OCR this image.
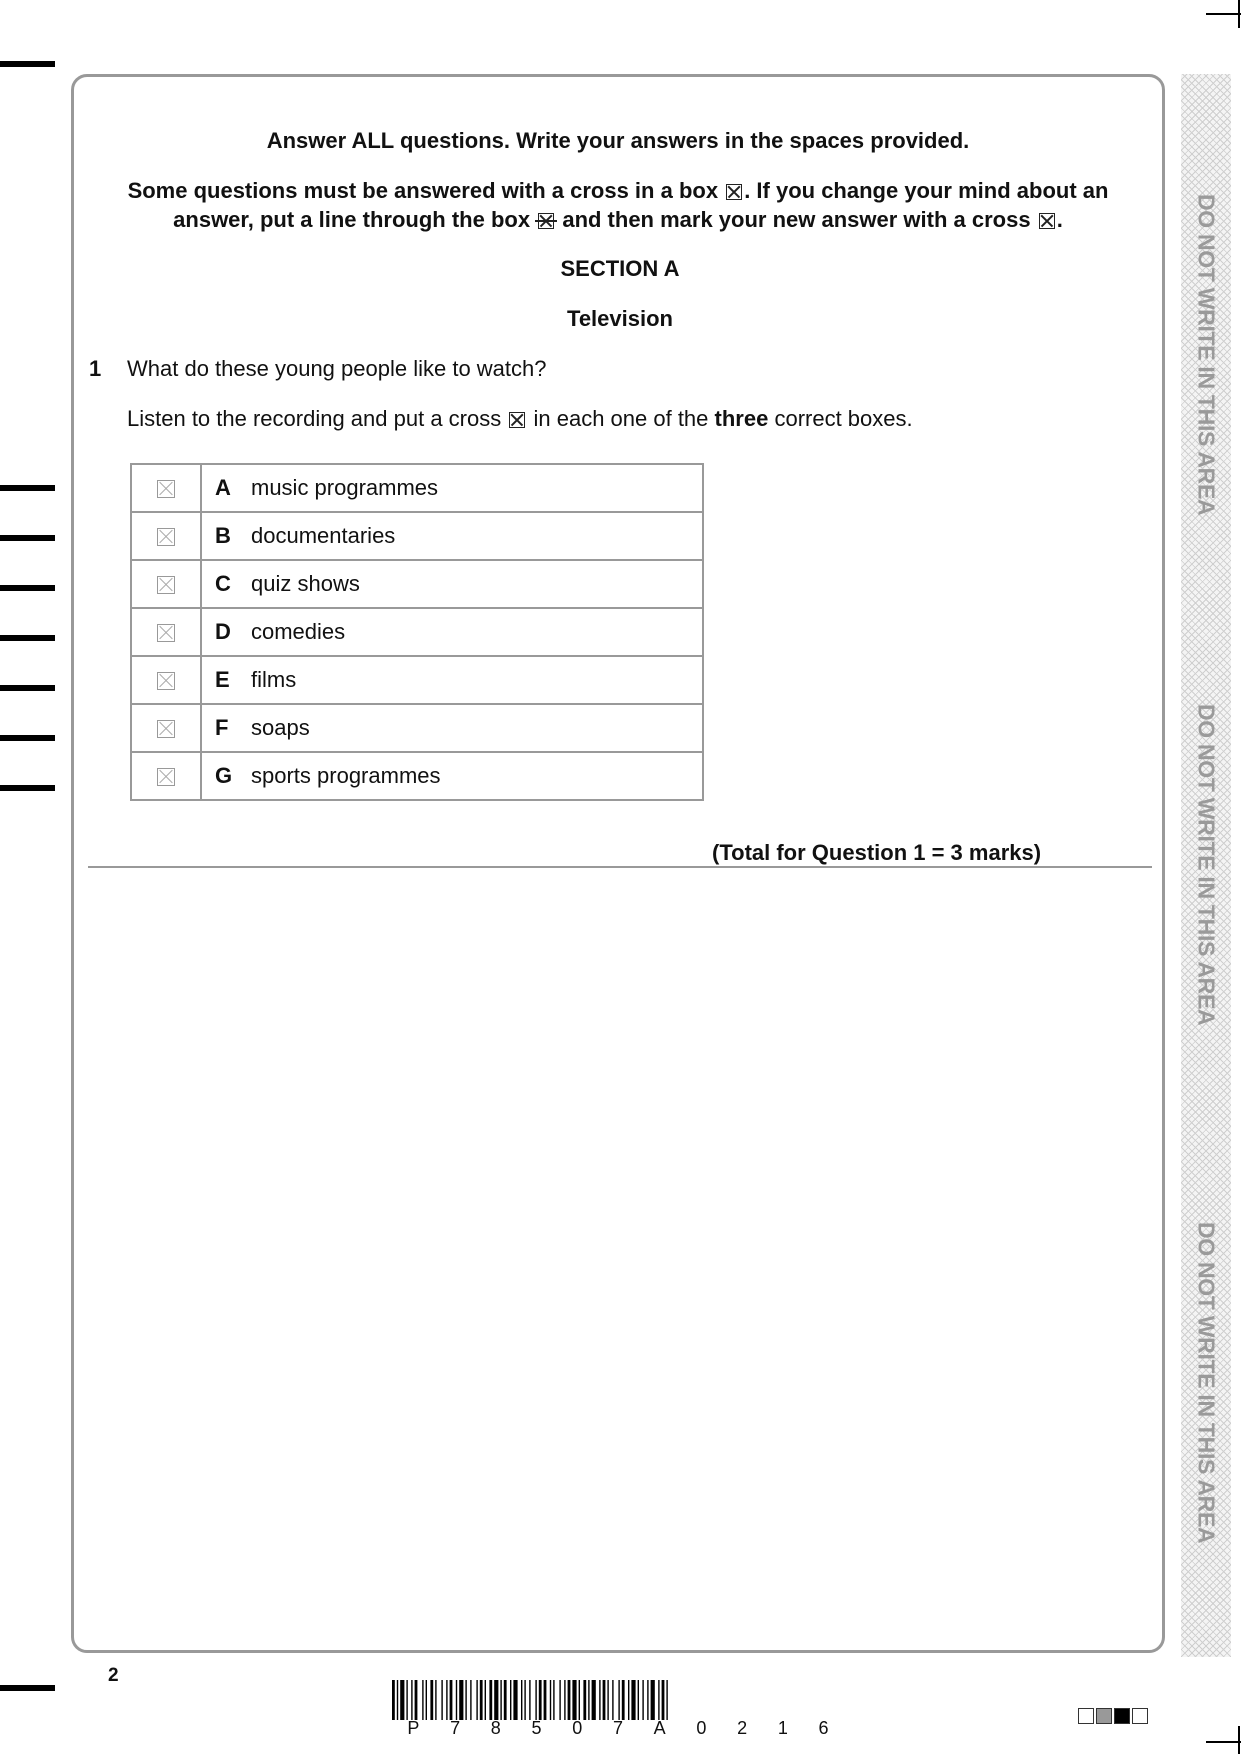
DO NOT WRITE IN THIS AREA
DO NOT WRITE IN THIS AREA
DO NOT WRITE IN THIS AREA
Answer ALL questions. Write your answers in the spaces provided.
Some questions must be answered with a cross in a box ☒ . If you change your mind about an
answer, put a line through the box and then mark your new answer with a cross ☒ .
SECTION A
Television
1 What do these young people like to watch?
Listen to the recording and put a cross ☒ in each one of the three correct boxes.
	A music programmes
	B documentaries
	C quiz shows
	D comedies
	E films
	F soaps
	G sports programmes
(Total for Question 1 = 3 marks)
2
P 7 8 5 0 7 A 0 2 1 6
